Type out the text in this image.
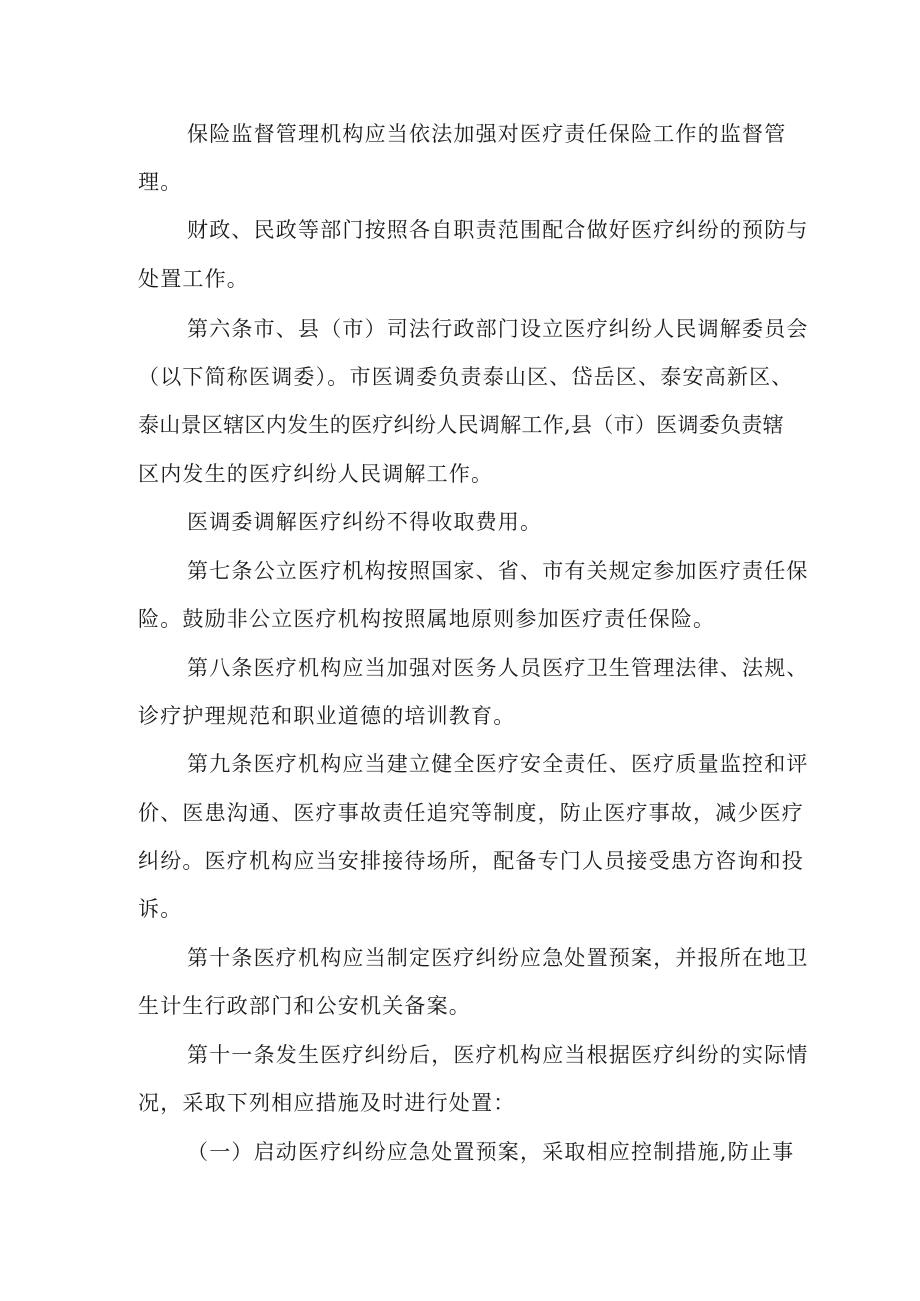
保险监督管理机构应当依法加强对医疗责任保险工作的监督管

理。

财政、民政等部门按照各自职责范围配合做好医疗纠纷的预防与

处置工作。

第六条市、县（市）司法行政部门设立医疗纠纷人民调解委员会

（以下简称医调委）。市医调委负责泰山区、岱岳区、泰安高新区、

泰山景区辖区内发生的医疗纠纷人民调解工作,县（市）医调委负责辖

区内发生的医疗纠纷人民调解工作。

医调委调解医疗纠纷不得收取费用。

第七条公立医疗机构按照国家、省、市有关规定参加医疗责任保

险。鼓励非公立医疗机构按照属地原则参加医疗责任保险。

第八条医疗机构应当加强对医务人员医疗卫生管理法律、法规、

诊疗护理规范和职业道德的培训教育。

第九条医疗机构应当建立健全医疗安全责任、医疗质量监控和评

价、医患沟通、医疗事故责任追究等制度，防止医疗事故，减少医疗

纠纷。医疗机构应当安排接待场所，配备专门人员接受患方咨询和投

诉。

第十条医疗机构应当制定医疗纠纷应急处置预案，并报所在地卫

生计生行政部门和公安机关备案。

第十一条发生医疗纠纷后，医疗机构应当根据医疗纠纷的实际情

况，采取下列相应措施及时进行处置：

（一）启动医疗纠纷应急处置预案，采取相应控制措施,防止事
